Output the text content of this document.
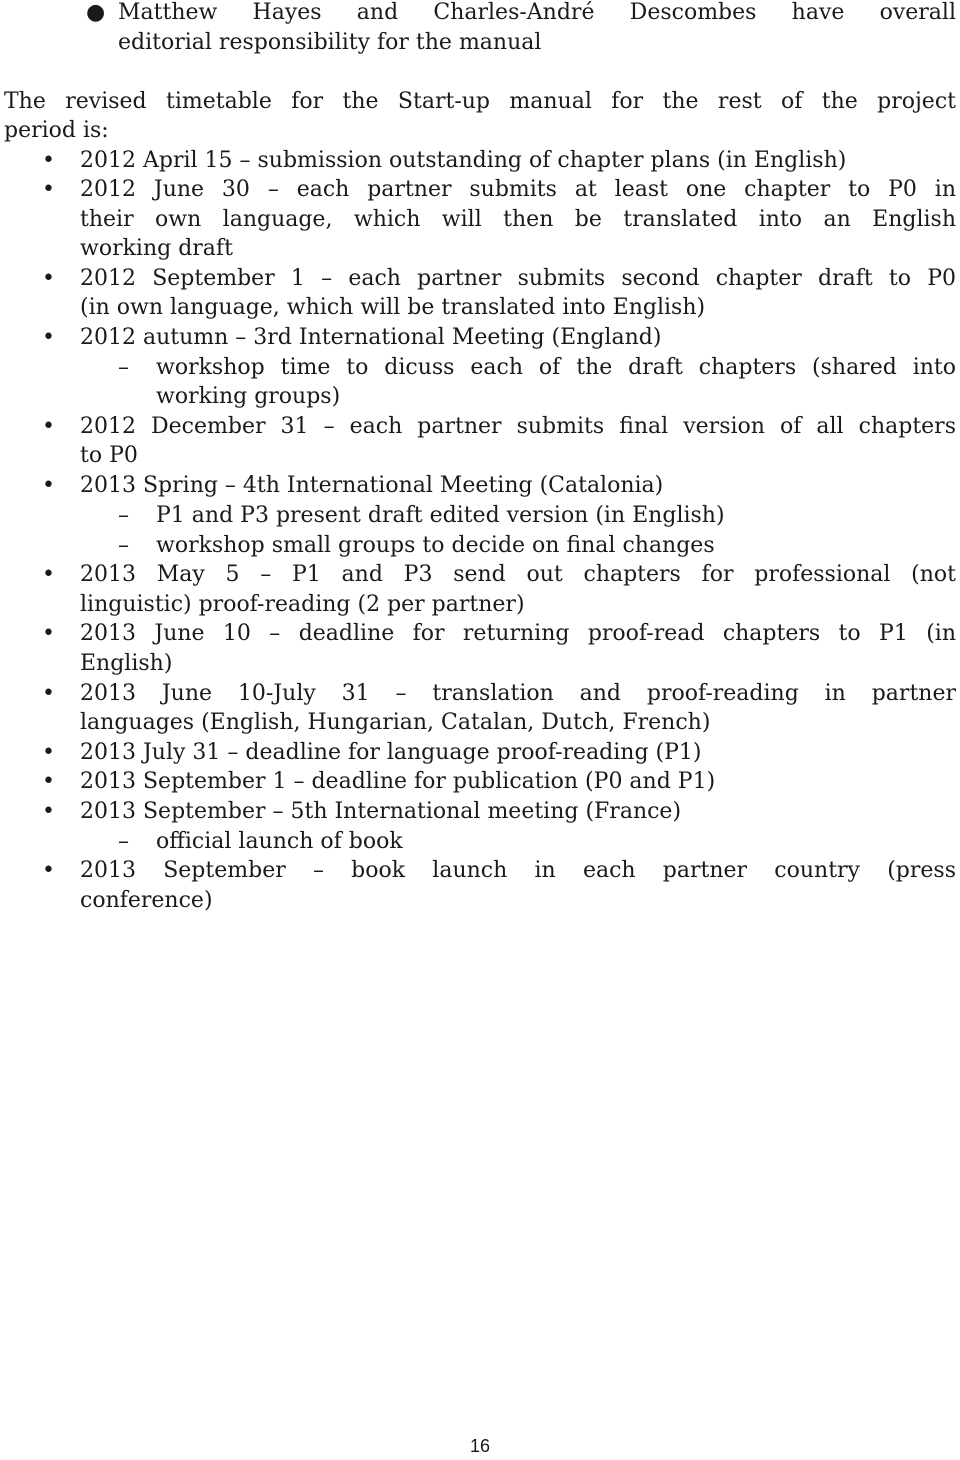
● Matthew Hayes and Charles-André Descombes have overall
editorial responsibility for the manual
The revised timetable for the Start-up manual for the rest of the project
period is:
• 2012 April 15 – submission outstanding of chapter plans (in English)
• 2012 June 30 – each partner submits at least one chapter to P0 in
their own language, which will then be translated into an English
working draft
• 2012 September 1 – each partner submits second chapter draft to P0
(in own language, which will be translated into English)
• 2012 autumn – 3rd International Meeting (England)
– workshop time to dicuss each of the draft chapters (shared into
working groups)
• 2012 December 31 – each partner submits final version of all chapters
to P0
• 2013 Spring – 4th International Meeting (Catalonia)
– P1 and P3 present draft edited version (in English)
– workshop small groups to decide on final changes
• 2013 May 5 – P1 and P3 send out chapters for professional (not
linguistic) proof-reading (2 per partner)
• 2013 June 10 – deadline for returning proof-read chapters to P1 (in
English)
• 2013 June 10-July 31 – translation and proof-reading in partner
languages (English, Hungarian, Catalan, Dutch, French)
• 2013 July 31 – deadline for language proof-reading (P1)
• 2013 September 1 – deadline for publication (P0 and P1)
• 2013 September – 5th International meeting (France)
– official launch of book
• 2013 September – book launch in each partner country (press
conference)
16
